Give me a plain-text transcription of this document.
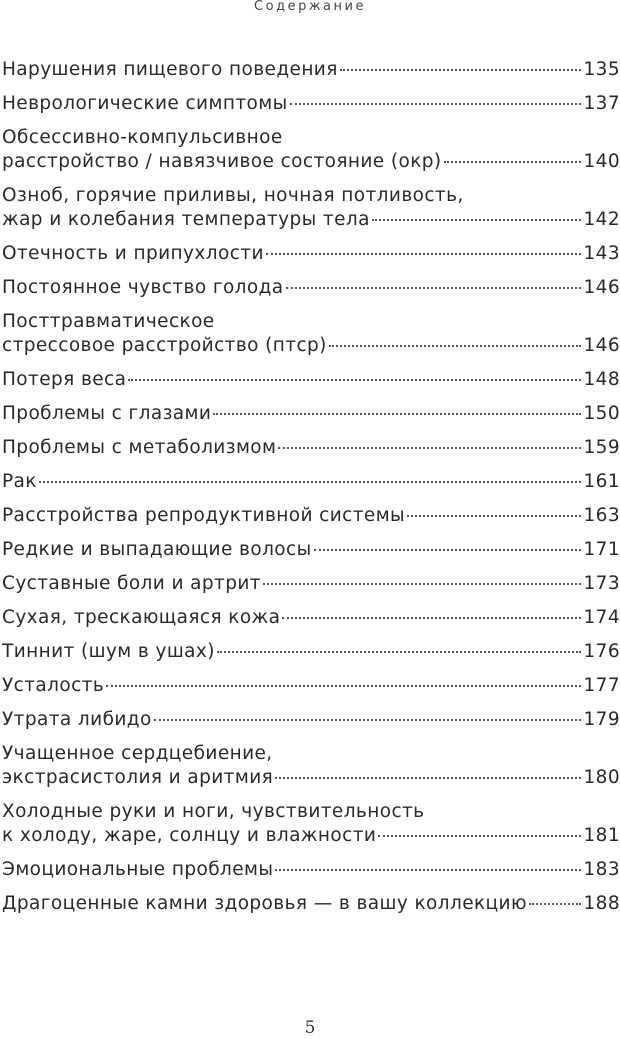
Содержание
Нарушения пищевого поведения	135
Неврологические симптомы	137
Обсессивно-компульсивное
расстройство / навязчивое состояние (окр)	140
Озноб, горячие приливы, ночная потливость,
жар и колебания температуры тела	142
Отечность и припухлости	143
Постоянное чувство голода	146
Посттравматическое
стрессовое расстройство (птср)	146
Потеря веса	148
Проблемы с глазами	150
Проблемы с метаболизмом	159
Рак	161
Расстройства репродуктивной системы	163
Редкие и выпадающие волосы	171
Суставные боли и артрит	173
Сухая, трескающаяся кожа	174
Тиннит (шум в ушах)	176
Усталость	177
Утрата либидо	179
Учащенное сердцебиение,
экстрасистолия и аритмия	180
Холодные руки и ноги, чувствительность
к холоду, жаре, солнцу и влажности	181
Эмоциональные проблемы	183
Драгоценные камни здоровья — в вашу коллекцию	188
5
